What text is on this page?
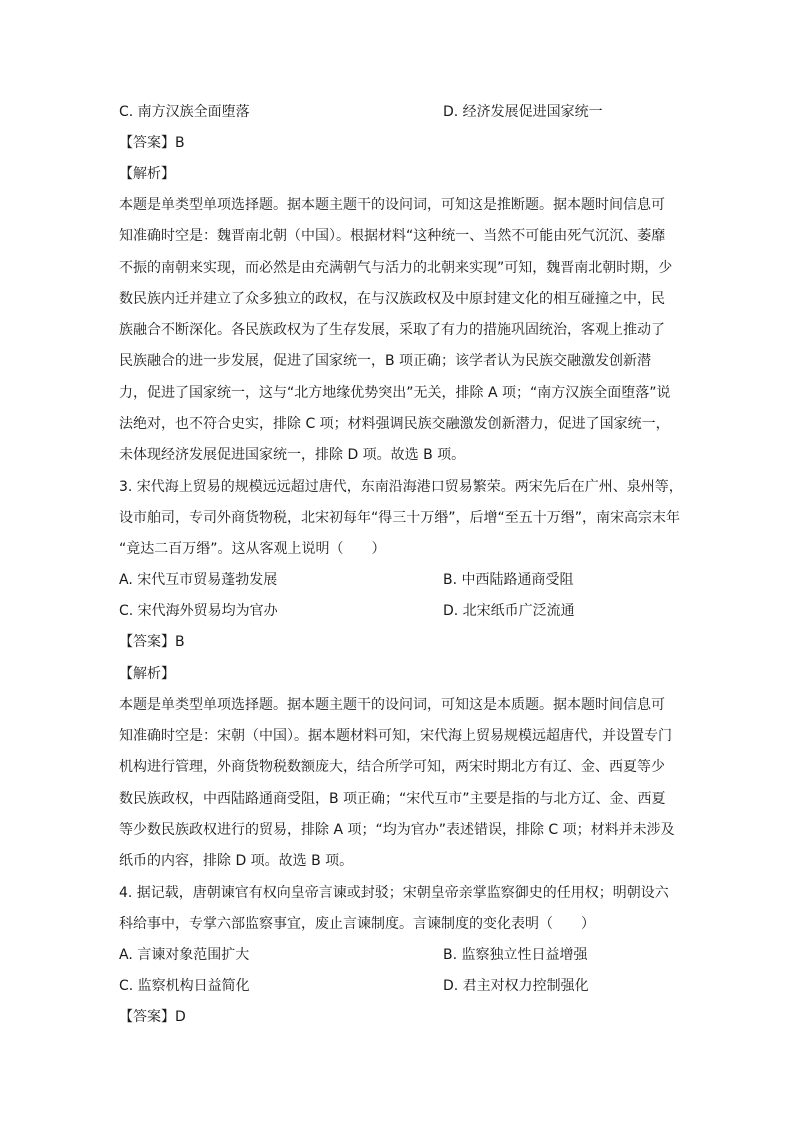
C. 南方汉族全面堕落	D. 经济发展促进国家统一
【答案】B
【解析】
本题是单类型单项选择题。据本题主题干的设问词，可知这是推断题。据本题时间信息可
知准确时空是：魏晋南北朝（中国）。根据材料“这种统一、当然不可能由死气沉沉、萎靡
不振的南朝来实现，而必然是由充满朝气与活力的北朝来实现”可知，魏晋南北朝时期，少
数民族内迁并建立了众多独立的政权，在与汉族政权及中原封建文化的相互碰撞之中，民
族融合不断深化。各民族政权为了生存发展，采取了有力的措施巩固统治，客观上推动了
民族融合的进一步发展，促进了国家统一，B 项正确；该学者认为民族交融激发创新潜
力，促进了国家统一，这与“北方地缘优势突出”无关，排除 A 项；“南方汉族全面堕落”说
法绝对，也不符合史实，排除 C 项；材料强调民族交融激发创新潜力，促进了国家统一，
未体现经济发展促进国家统一，排除 D 项。故选 B 项。
3. 宋代海上贸易的规模远远超过唐代，东南沿海港口贸易繁荣。两宋先后在广州、泉州等，
设市舶司，专司外商货物税，北宋初每年“得三十万缗”，后增“至五十万缗”，南宋高宗末年
“竟达二百万缗”。这从客观上说明（　　）
A. 宋代互市贸易蓬勃发展	B. 中西陆路通商受阻
C. 宋代海外贸易均为官办	D. 北宋纸币广泛流通
【答案】B
【解析】
本题是单类型单项选择题。据本题主题干的设问词，可知这是本质题。据本题时间信息可
知准确时空是：宋朝（中国）。据本题材料可知，宋代海上贸易规模远超唐代，并设置专门
机构进行管理，外商货物税数额庞大，结合所学可知，两宋时期北方有辽、金、西夏等少
数民族政权，中西陆路通商受阻，B 项正确；“宋代互市”主要是指的与北方辽、金、西夏
等少数民族政权进行的贸易，排除 A 项；“均为官办”表述错误，排除 C 项；材料并未涉及
纸币的内容，排除 D 项。故选 B 项。
4. 据记载，唐朝谏官有权向皇帝言谏或封驳；宋朝皇帝亲掌监察御史的任用权；明朝设六
科给事中，专掌六部监察事宜，废止言谏制度。言谏制度的变化表明（　　）
A. 言谏对象范围扩大	B. 监察独立性日益增强
C. 监察机构日益简化	D. 君主对权力控制强化
【答案】D
